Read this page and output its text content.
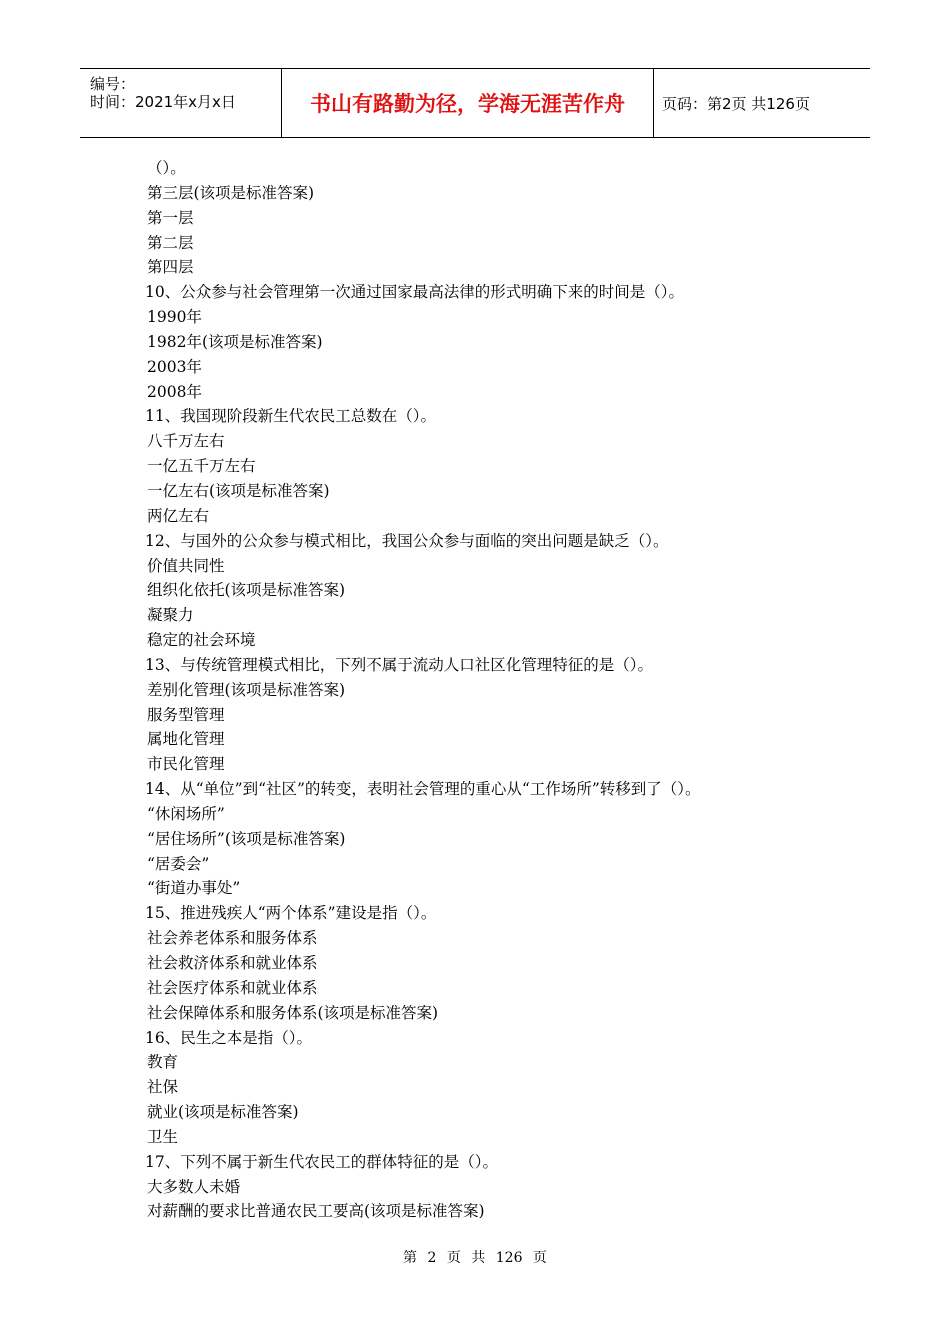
编号：
时间：2021年x月x日	书山有路勤为径，学海无涯苦作舟 页码：第2页 共126页
（）。
第三层(该项是标准答案)
第一层
第二层
第四层
10、公众参与社会管理第一次通过国家最高法律的形式明确下来的时间是（）。
1990年
1982年(该项是标准答案)
2003年
2008年
11、我国现阶段新生代农民工总数在（）。
八千万左右
一亿五千万左右
一亿左右(该项是标准答案)
两亿左右
12、与国外的公众参与模式相比，我国公众参与面临的突出问题是缺乏（）。
价值共同性
组织化依托(该项是标准答案)
凝聚力
稳定的社会环境
13、与传统管理模式相比，下列不属于流动人口社区化管理特征的是（）。
差别化管理(该项是标准答案)
服务型管理
属地化管理
市民化管理
14、从“单位”到“社区”的转变，表明社会管理的重心从“工作场所”转移到了（）。
“休闲场所”
“居住场所”(该项是标准答案)
“居委会”
“街道办事处”
15、推进残疾人“两个体系”建设是指（）。
社会养老体系和服务体系
社会救济体系和就业体系
社会医疗体系和就业体系
社会保障体系和服务体系(该项是标准答案)
16、民生之本是指（）。
教育
社保
就业(该项是标准答案)
卫生
17、下列不属于新生代农民工的群体特征的是（）。
大多数人未婚
对薪酬的要求比普通农民工要高(该项是标准答案)
第 2 页 共 126 页
